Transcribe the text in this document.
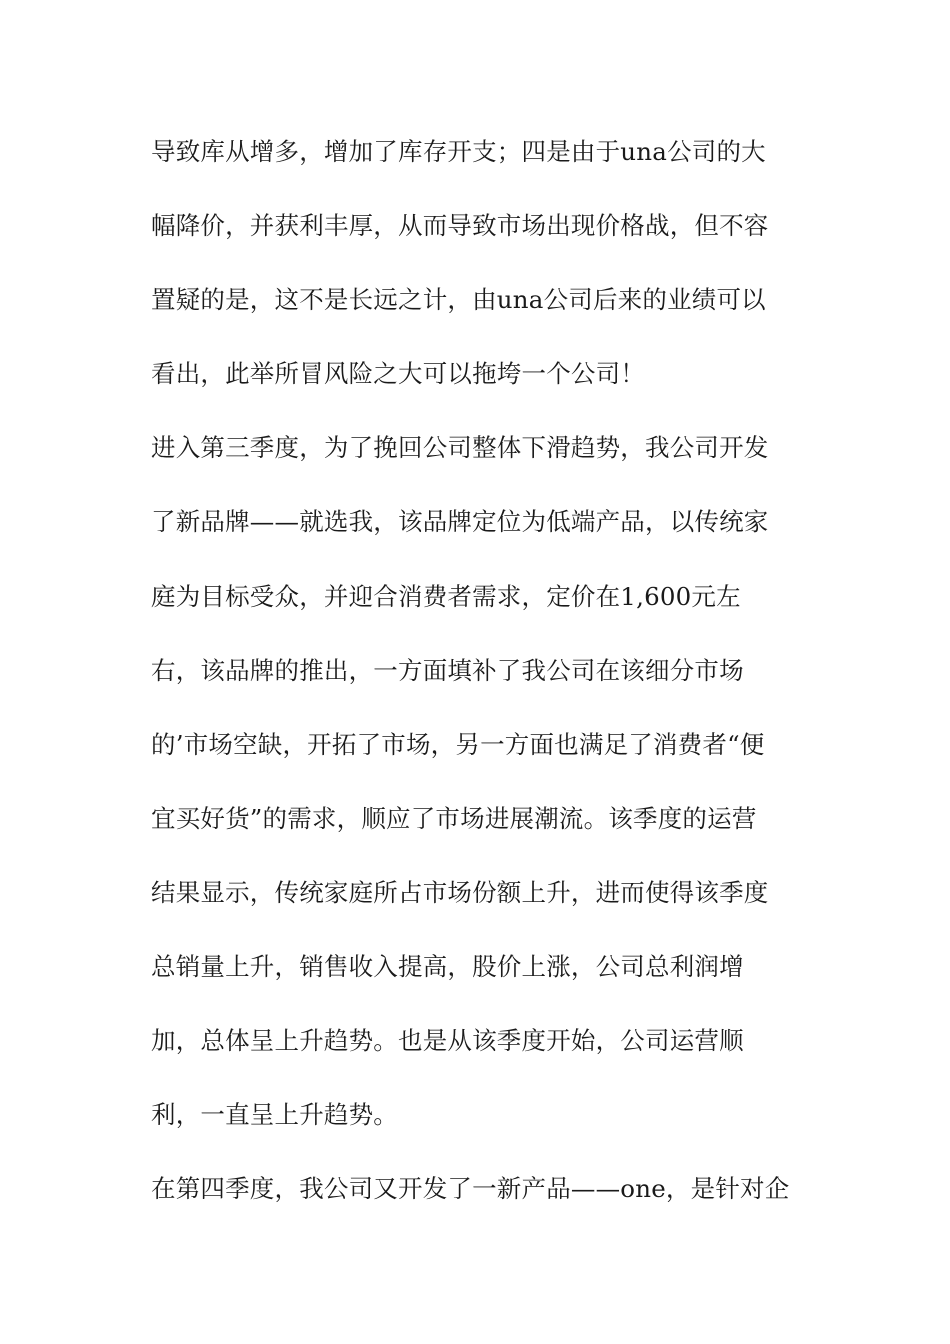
导致库从增多，增加了库存开支；四是由于una公司的大
幅降价，并获利丰厚，从而导致市场出现价格战，但不容
置疑的是，这不是长远之计，由una公司后来的业绩可以
看出，此举所冒风险之大可以拖垮一个公司！
进入第三季度，为了挽回公司整体下滑趋势，我公司开发
了新品牌——就选我，该品牌定位为低端产品，以传统家
庭为目标受众，并迎合消费者需求，定价在1,600元左
右，该品牌的推出，一方面填补了我公司在该细分市场
的’市场空缺，开拓了市场，另一方面也满足了消费者“便
宜买好货”的需求，顺应了市场进展潮流。该季度的运营
结果显示，传统家庭所占市场份额上升，进而使得该季度
总销量上升，销售收入提高，股价上涨，公司总利润增
加，总体呈上升趋势。也是从该季度开始，公司运营顺
利，一直呈上升趋势。
在第四季度，我公司又开发了一新产品——one，是针对企
